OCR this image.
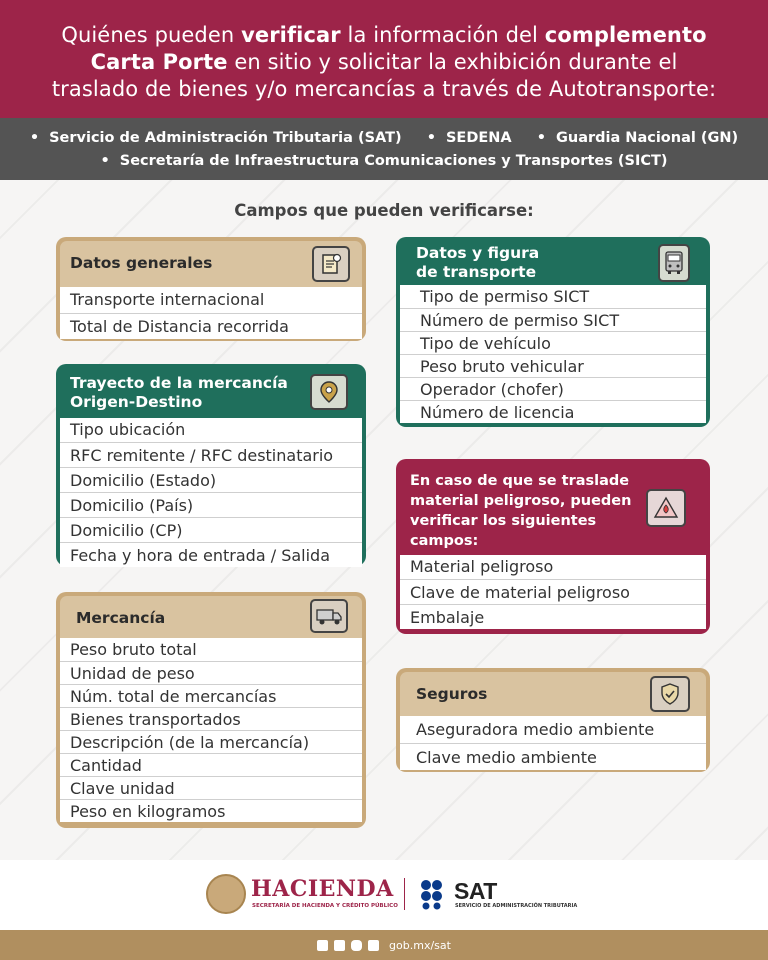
Quiénes pueden verificar la información del complemento
Carta Porte en sitio y solicitar la exhibición durante el
traslado de bienes y/o mercancías a través de Autotransporte:
• Servicio de Administración Tributaria (SAT)	• SEDENA	• Guardia Nacional (GN)
• Secretaría de Infraestructura Comunicaciones y Transportes (SICT)
Campos que pueden verificarse:
Datos generales
Transporte internacional
Total de Distancia recorrida
Trayecto de la mercancía
Origen-Destino
Tipo ubicación
RFC remitente / RFC destinatario
Domicilio (Estado)
Domicilio (País)
Domicilio (CP)
Fecha y hora de entrada / Salida
Mercancía
Peso bruto total
Unidad de peso
Núm. total de mercancías
Bienes transportados
Descripción (de la mercancía)
Cantidad
Clave unidad
Peso en kilogramos
Datos y figura
de transporte
Tipo de permiso SICT
Número de permiso SICT
Tipo de vehículo
Peso bruto vehicular
Operador (chofer)
Número de licencia
En caso de que se traslade
material peligroso, pueden
verificar los siguientes
campos:
Material peligroso
Clave de material peligroso
Embalaje
Seguros
Aseguradora medio ambiente
Clave medio ambiente
HACIENDA
SECRETARÍA DE HACIENDA Y CRÉDITO PÚBLICO
SAT
SERVICIO DE ADMINISTRACIÓN TRIBUTARIA
gob.mx/sat
